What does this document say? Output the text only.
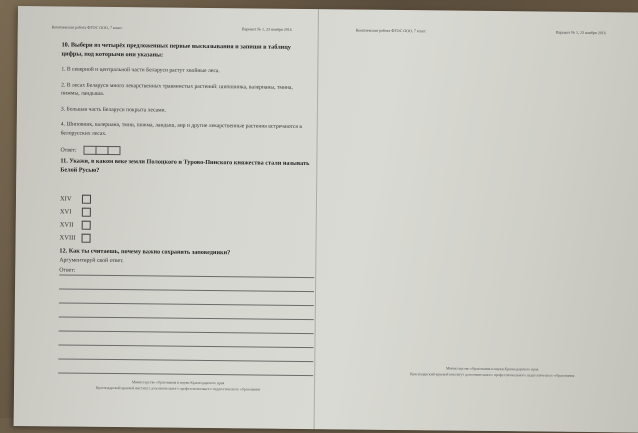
Комплексная работа ФГОС ООО, 7 класс	Вариант № 1, 23 ноября 2016

10. Выбери из четырёх предложенных первые высказывания и запиши в таблицу цифры, под которыми они указаны:

1. В северной и центральной части Беларуси растут хвойные леса.

2. В лесах Беларуси много лекарственных травянистых растений: шиповника, валерианы, тмина, пижмы, ландыша.

3. Большая часть Беларуси покрыта лесами.

4. Шиповник, валериана, тмин, пижма, ландыш, аир и другие лекарственные растения встречаются в белорусских лесах.

Ответ:

11. Укажи, в каком веке земли Полоцкого и Турово-Пинского княжества стали называть Белой Русью?

XIV
XVI
XVII
XVIII

12. Как ты считаешь, почему важно сохранять заповедники?

Аргументируй свой ответ.

Ответ:
Министерство образования и науки Краснодарского края
Краснодарский краевой институт дополнительного профессионального педагогического образования
Комплексная работа ФГОС ООО, 7 класс	Вариант № 1, 23 ноября 2016
Министерство образования и науки Краснодарского края
Краснодарский краевой институт дополнительного профессионального педагогического образования
